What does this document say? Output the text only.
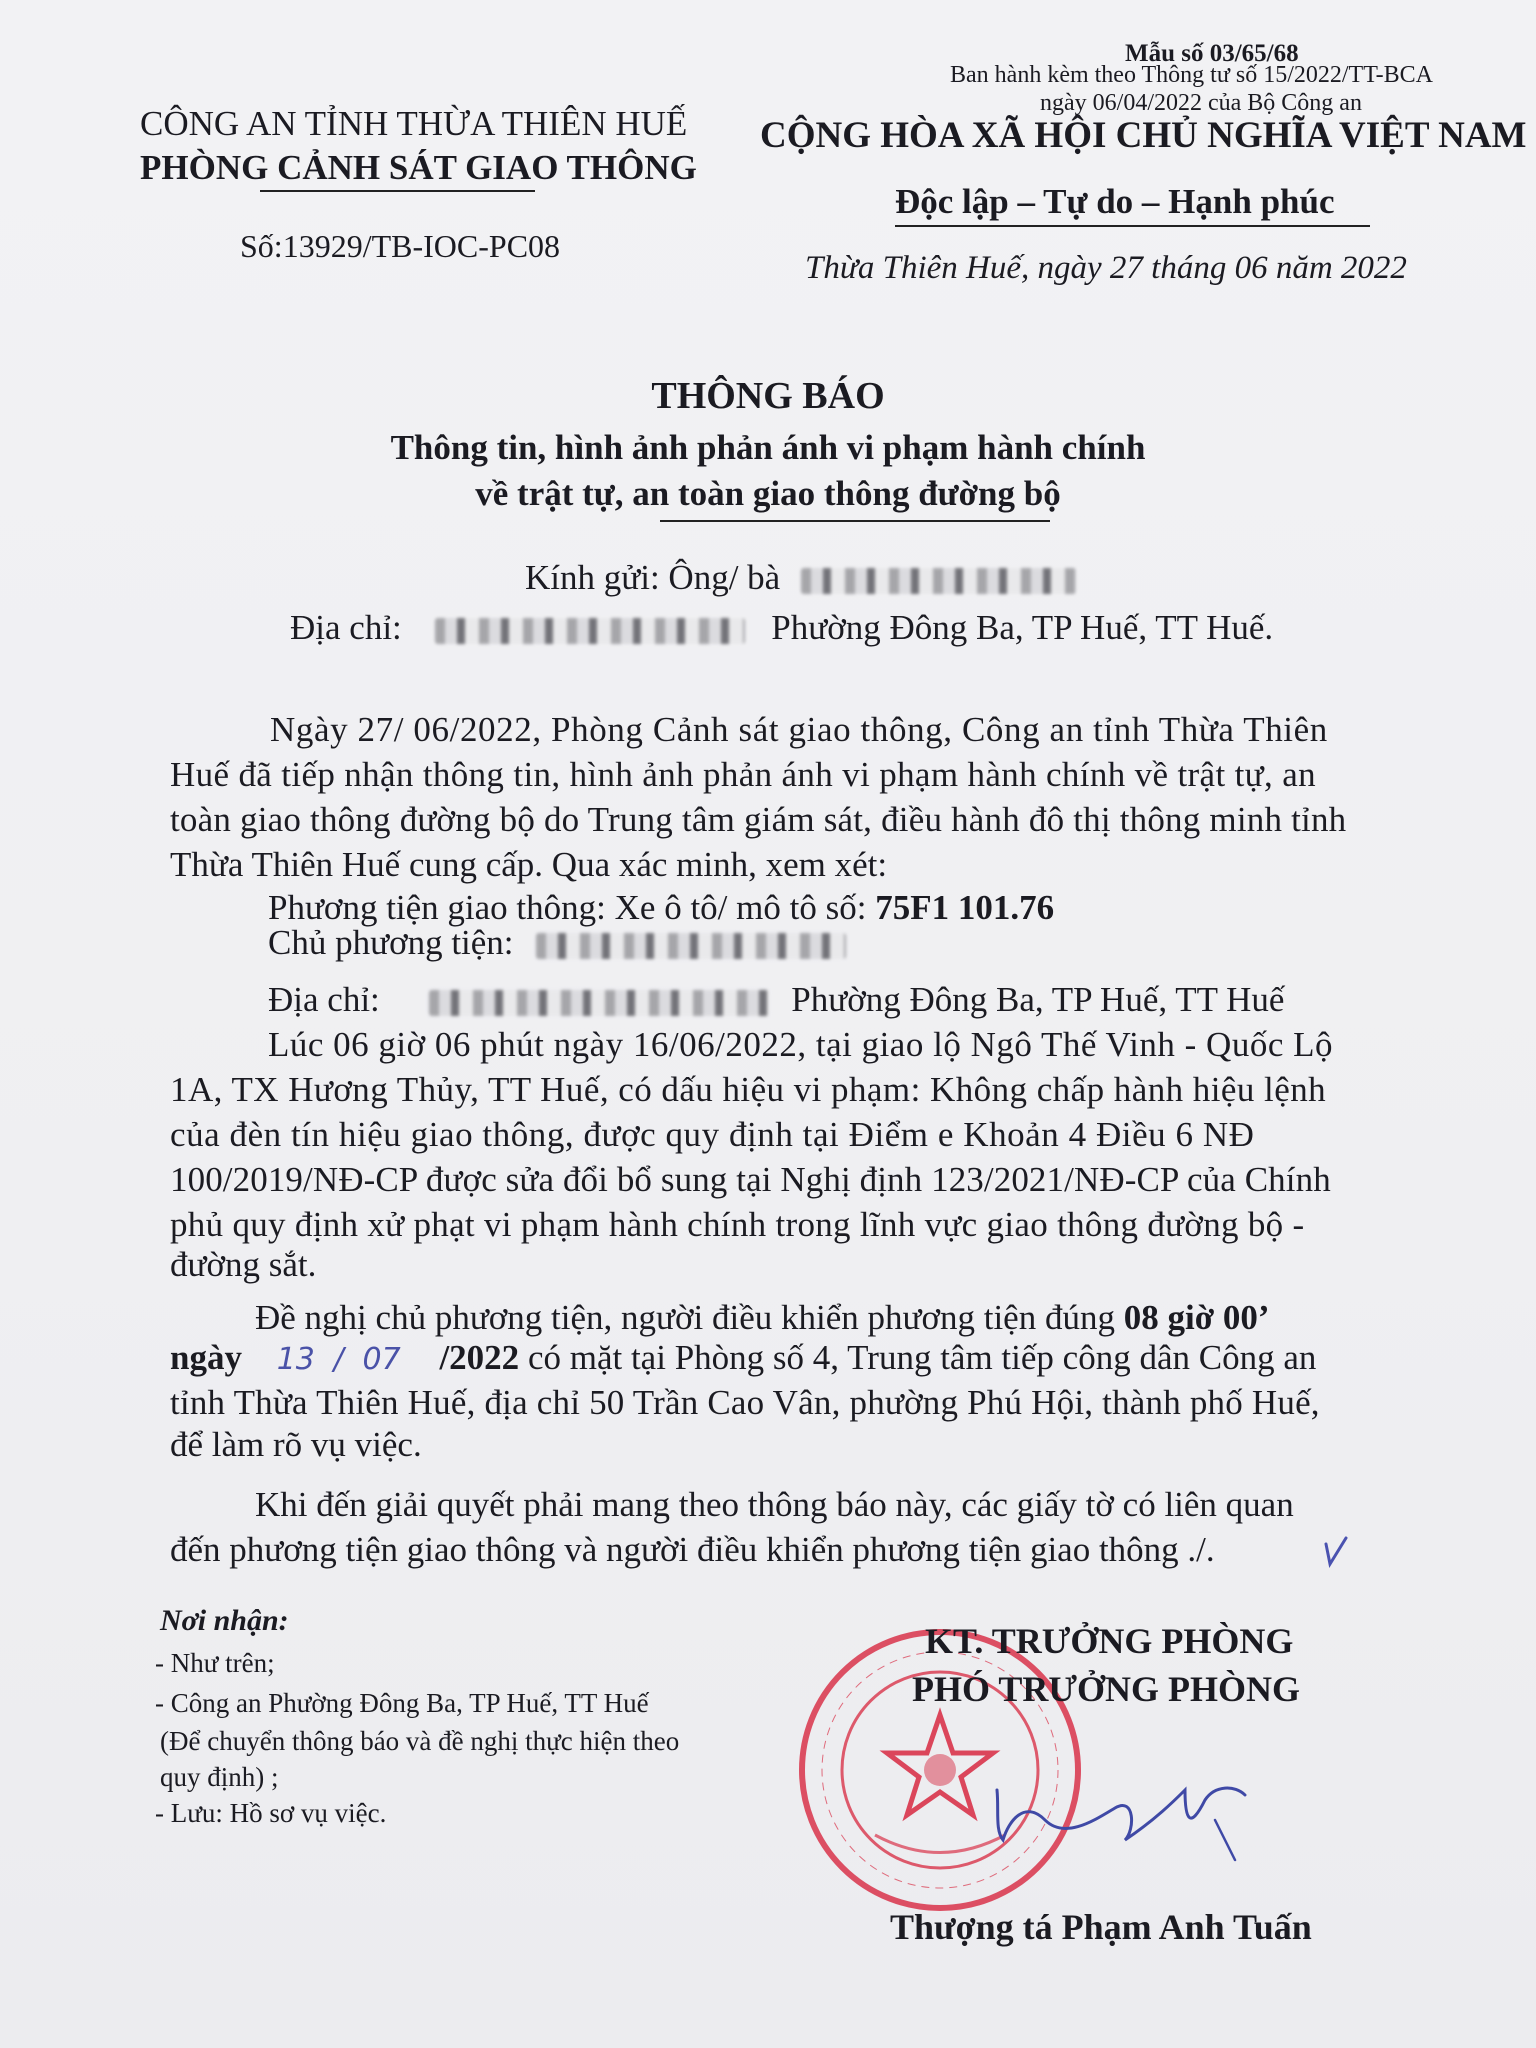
Mẫu số 03/65/68
Ban hành kèm theo Thông tư số 15/2022/TT-BCA
ngày 06/04/2022 của Bộ Công an
CÔNG AN TỈNH THỪA THIÊN HUẾ
PHÒNG CẢNH SÁT GIAO THÔNG
Số:13929/TB-IOC-PC08
CỘNG HÒA XÃ HỘI CHỦ NGHĨA VIỆT NAM
Độc lập – Tự do – Hạnh phúc
Thừa Thiên Huế, ngày 27 tháng 06 năm 2022
THÔNG BÁO
Thông tin, hình ảnh phản ánh vi phạm hành chính
về trật tự, an toàn giao thông đường bộ
Kính gửi: Ông/ bà
Địa chỉ:	Phường Đông Ba, TP Huế, TT Huế.
Ngày 27/ 06/2022, Phòng Cảnh sát giao thông, Công an tỉnh Thừa Thiên
Huế đã tiếp nhận thông tin, hình ảnh phản ánh vi phạm hành chính về trật tự, an
toàn giao thông đường bộ do Trung tâm giám sát, điều hành đô thị thông minh tỉnh
Thừa Thiên Huế cung cấp. Qua xác minh, xem xét:
Phương tiện giao thông: Xe ô tô/ mô tô số: 75F1 101.76
Chủ phương tiện:
Địa chỉ:	Phường Đông Ba, TP Huế, TT Huế
Lúc 06 giờ 06 phút ngày 16/06/2022, tại giao lộ Ngô Thế Vinh - Quốc Lộ
1A, TX Hương Thủy, TT Huế, có dấu hiệu vi phạm: Không chấp hành hiệu lệnh
của đèn tín hiệu giao thông, được quy định tại Điểm e Khoản 4 Điều 6 NĐ
100/2019/NĐ-CP được sửa đổi bổ sung tại Nghị định 123/2021/NĐ-CP của Chính
phủ quy định xử phạt vi phạm hành chính trong lĩnh vực giao thông đường bộ -
đường sắt.
Đề nghị chủ phương tiện, người điều khiển phương tiện đúng 08 giờ 00’
ngày 13 / 07 /2022 có mặt tại Phòng số 4, Trung tâm tiếp công dân Công an
tỉnh Thừa Thiên Huế, địa chỉ 50 Trần Cao Vân, phường Phú Hội, thành phố Huế,
để làm rõ vụ việc.
Khi đến giải quyết phải mang theo thông báo này, các giấy tờ có liên quan
đến phương tiện giao thông và người điều khiển phương tiện giao thông ./.
Nơi nhận:
- Như trên;
- Công an Phường Đông Ba, TP Huế, TT Huế
(Để chuyển thông báo và đề nghị thực hiện theo
quy định) ;
- Lưu: Hồ sơ vụ việc.
KT. TRƯỞNG PHÒNG
PHÓ TRƯỞNG PHÒNG
Thượng tá Phạm Anh Tuấn
